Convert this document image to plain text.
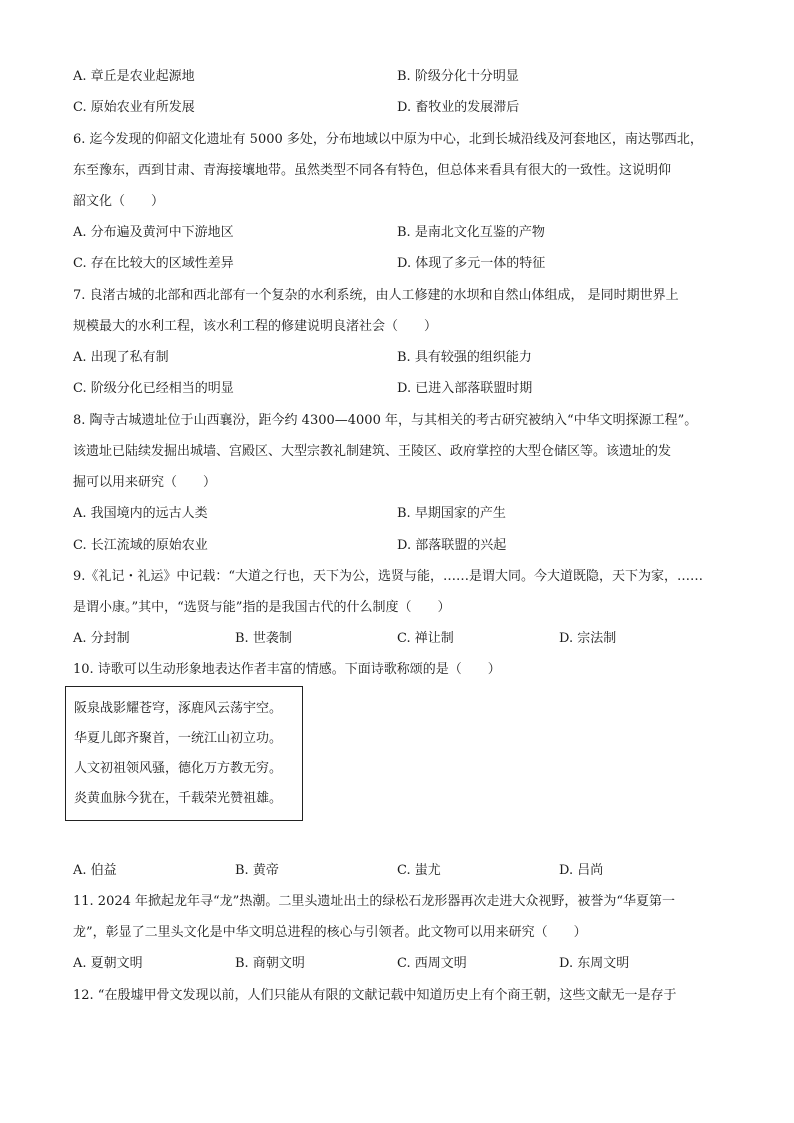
A. 章丘是农业起源地	B. 阶级分化十分明显
C. 原始农业有所发展	D. 畜牧业的发展滞后
6. 迄今发现的仰韶文化遗址有 5000 多处，分布地域以中原为中心，北到长城沿线及河套地区，南达鄂西北，
东至豫东，西到甘肃、青海接壤地带。虽然类型不同各有特色，但总体来看具有很大的一致性。这说明仰
韶文化（　　）
A. 分布遍及黄河中下游地区	B. 是南北文化互鉴的产物
C. 存在比较大的区域性差异	D. 体现了多元一体的特征
7. 良渚古城的北部和西北部有一个复杂的水利系统，由人工修建的水坝和自然山体组成， 是同时期世界上
规模最大的水利工程，该水利工程的修建说明良渚社会（　　）
A. 出现了私有制	B. 具有较强的组织能力
C. 阶级分化已经相当的明显	D. 已进入部落联盟时期
8. 陶寺古城遗址位于山西襄汾，距今约 4300—4000 年，与其相关的考古研究被纳入“中华文明探源工程”。
该遗址已陆续发掘出城墙、宫殿区、大型宗教礼制建筑、王陵区、政府掌控的大型仓储区等。该遗址的发
掘可以用来研究（　　）
A. 我国境内的远古人类	B. 早期国家的产生
C. 长江流域的原始农业	D. 部落联盟的兴起
9.《礼记・礼运》中记载：“大道之行也，天下为公，选贤与能，……是谓大同。今大道既隐，天下为家，……
是谓小康。”其中，“选贤与能”指的是我国古代的什么制度（　　）
A. 分封制	B. 世袭制	C. 禅让制	D. 宗法制
10. 诗歌可以生动形象地表达作者丰富的情感。下面诗歌称颂的是（　　）
阪泉战影耀苍穹，涿鹿风云荡宇空。
华夏儿郎齐聚首，一统江山初立功。
人文初祖领风骚，德化万方教无穷。
炎黄血脉今犹在，千载荣光赞祖雄。
A. 伯益	B. 黄帝	C. 蚩尤	D. 吕尚
11. 2024 年掀起龙年寻“龙”热潮。二里头遗址出土的绿松石龙形器再次走进大众视野，被誉为“华夏第一
龙”，彰显了二里头文化是中华文明总进程的核心与引领者。此文物可以用来研究（　　）
A. 夏朝文明	B. 商朝文明	C. 西周文明	D. 东周文明
12. “在殷墟甲骨文发现以前，人们只能从有限的文献记载中知道历史上有个商王朝，这些文献无一是存于
